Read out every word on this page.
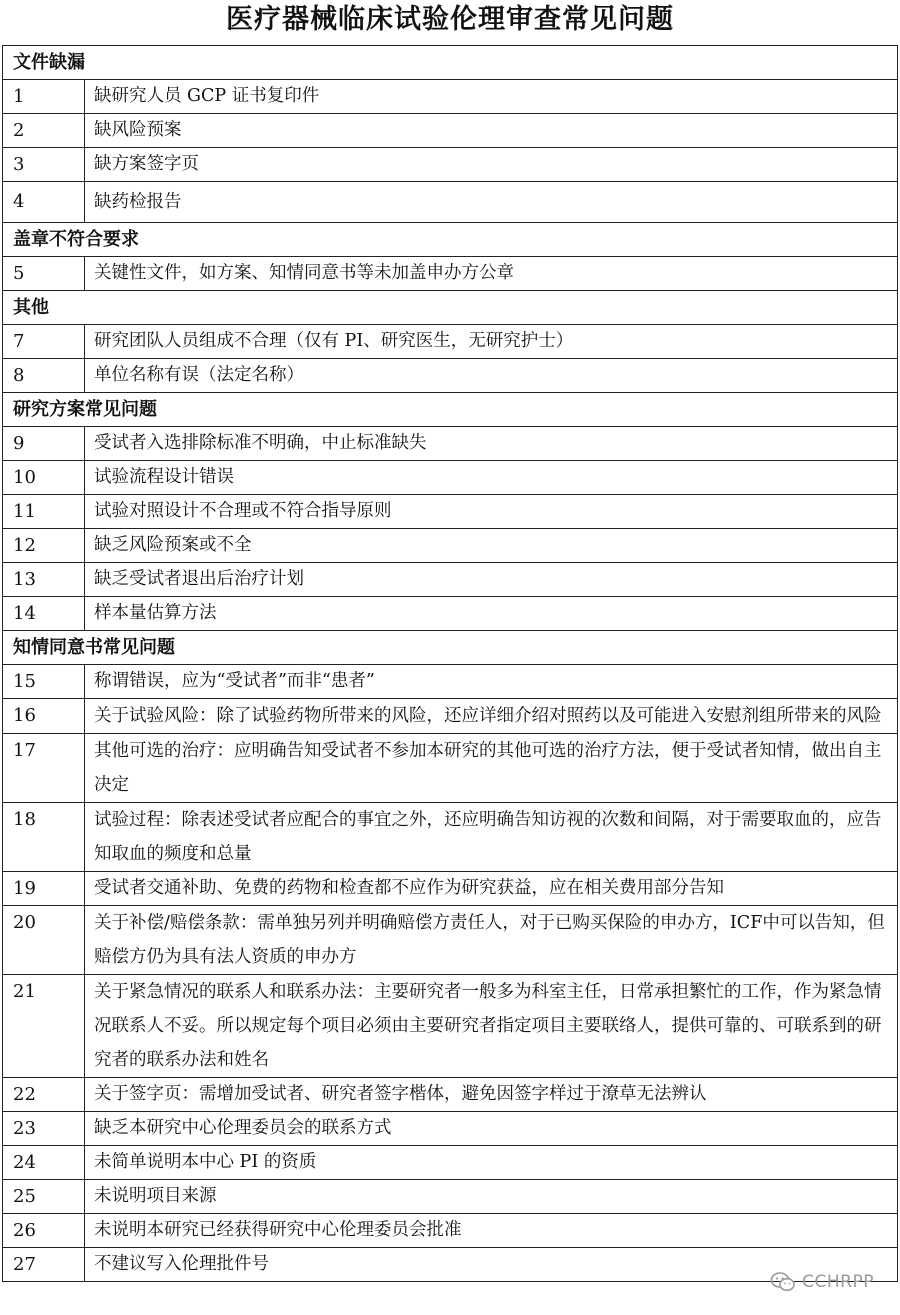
医疗器械临床试验伦理审查常见问题
文件缺漏	
1	缺研究人员 GCP 证书复印件
2	缺风险预案
3	缺方案签字页
4	缺药检报告
盖章不符合要求	
5	关键性文件，如方案、知情同意书等未加盖申办方公章
其他	
7	研究团队人员组成不合理（仅有 PI、研究医生，无研究护士）
8	单位名称有误（法定名称）
研究方案常见问题	
9	受试者入选排除标准不明确，中止标准缺失
10	试验流程设计错误
11	试验对照设计不合理或不符合指导原则
12	缺乏风险预案或不全
13	缺乏受试者退出后治疗计划
14	样本量估算方法
知情同意书常见问题	
15	称谓错误，应为“受试者”而非“患者”
16	关于试验风险：除了试验药物所带来的风险，还应详细介绍对照药以及可能进入安慰剂组所带来的风险
17	其他可选的治疗：应明确告知受试者不参加本研究的其他可选的治疗方法，便于受试者知情，做出自主决定
18	试验过程：除表述受试者应配合的事宜之外，还应明确告知访视的次数和间隔，对于需要取血的，应告知取血的频度和总量
19	受试者交通补助、免费的药物和检查都不应作为研究获益，应在相关费用部分告知
20	关于补偿/赔偿条款：需单独另列并明确赔偿方责任人，对于已购买保险的申办方，ICF中可以告知，但赔偿方仍为具有法人资质的申办方
21	关于紧急情况的联系人和联系办法：主要研究者一般多为科室主任，日常承担繁忙的工作，作为紧急情况联系人不妥。所以规定每个项目必须由主要研究者指定项目主要联络人，提供可靠的、可联系到的研究者的联系办法和姓名
22	关于签字页：需增加受试者、研究者签字楷体，避免因签字样过于潦草无法辨认
23	缺乏本研究中心伦理委员会的联系方式
24	未简单说明本中心 PI 的资质
25	未说明项目来源
26	未说明本研究已经获得研究中心伦理委员会批准
27	不建议写入伦理批件号
CCHRPP
